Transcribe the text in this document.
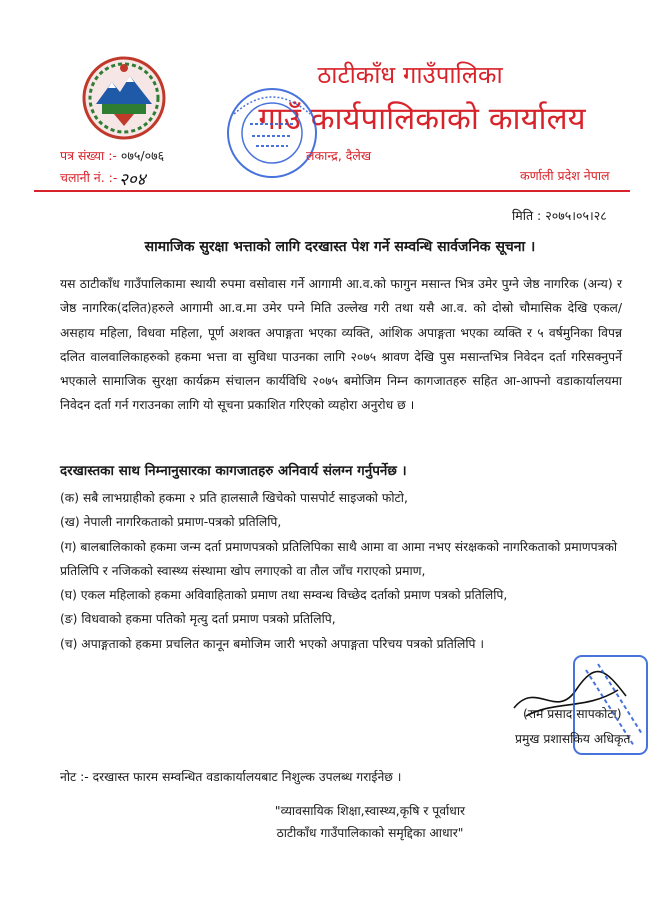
ठाटीकाँध गाउँपालिका
गाउँ कार्यपालिकाको कार्यालय
लकान्द्र, दैलेख
पत्र संख्या :- ०७५/०७६
चलानी नं. :- २०४	कर्णाली प्रदेश नेपाल
मिति : २०७५।०५।२८
सामाजिक सुरक्षा भत्ताको लागि दरखास्त पेश गर्ने सम्वन्धि सार्वजनिक सूचना ।
यस ठाटीकाँध गाउँपालिकामा स्थायी रुपमा वसोवास गर्ने आगामी आ.व.को फागुन मसान्त भित्र उमेर पुग्ने जेष्ठ नागरिक (अन्य) र जेष्ठ नागरिक(दलित)हरुले आगामी आ.व.मा उमेर पग्ने मिति उल्लेख गरी तथा यसै आ.व. को दोस्रो चौमासिक देखि एकल/असहाय महिला, विधवा महिला, पूर्ण अशक्त अपाङ्गता भएका व्यक्ति, आंशिक अपाङ्गता भएका व्यक्ति र ५ वर्षमुनिका विपन्न दलित वालवालिकाहरुको हकमा भत्ता वा सुविधा पाउनका लागि २०७५ श्रावण देखि पुस मसान्तभित्र निवेदन दर्ता गरिसक्नुपर्ने भएकाले सामाजिक सुरक्षा कार्यक्रम संचालन कार्यविधि २०७५ बमोजिम निम्न कागजातहरु सहित आ-आफ्नो वडाकार्यालयमा निवेदन दर्ता गर्न गराउनका लागि यो सूचना प्रकाशित गरिएको व्यहोरा अनुरोध छ ।
दरखास्तका साथ निम्नानुसारका कागजातहरु अनिवार्य संलग्न गर्नुपर्नेछ ।
(क) सबै लाभग्राहीको हकमा २ प्रति हालसालै खिचेको पासपोर्ट साइजको फोटो,
(ख) नेपाली नागरिकताको प्रमाण-पत्रको प्रतिलिपि,
(ग) बालबालिकाको हकमा जन्म दर्ता प्रमाणपत्रको प्रतिलिपिका साथै आमा वा आमा नभए संरक्षकको नागरिकताको प्रमाणपत्रको प्रतिलिपि र नजिकको स्वास्थ्य संस्थामा खोप लगाएको वा तौल जाँच गराएको प्रमाण,
(घ) एकल महिलाको हकमा अविवाहिताको प्रमाण तथा सम्वन्ध विच्छेद दर्ताको प्रमाण पत्रको प्रतिलिपि,
(ङ) विधवाको हकमा पतिको मृत्यु दर्ता प्रमाण पत्रको प्रतिलिपि,
(च) अपाङ्गताको हकमा प्रचलित कानून बमोजिम जारी भएको अपाङ्गता परिचय पत्रको प्रतिलिपि ।
(राम प्रसाद सापकोटा)
प्रमुख प्रशासकिय अधिकृत
नोट :- दरखास्त फारम सम्वन्धित वडाकार्यालयबाट निशुल्क उपलब्ध गराईनेछ ।
"व्यावसायिक शिक्षा,स्वास्थ्य,कृषि र पूर्वाधार
ठाटीकाँध गाउँपालिकाको समृद्दिका आधार"
